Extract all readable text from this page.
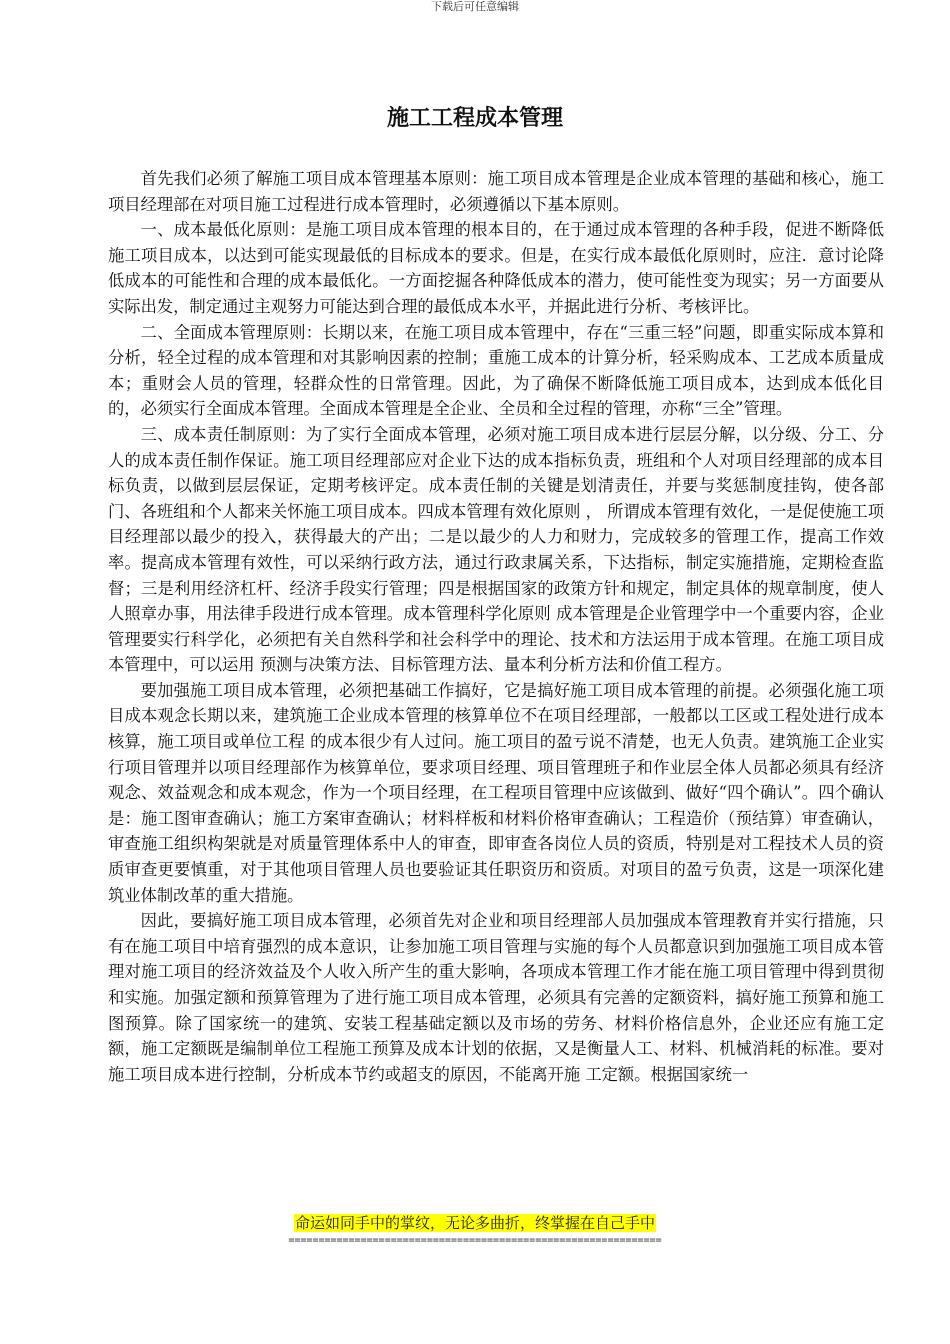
下载后可任意编辑
施工工程成本管理

首先我们必须了解施工项目成本管理基本原则：施工项目成本管理是企业成本管理的基础和核心，施工项目经理部在对项目施工过程进行成本管理时，必须遵循以下基本原则。

一、成本最低化原则：是施工项目成本管理的根本目的，在于通过成本管理的各种手段，促进不断降低施工项目成本，以达到可能实现最低的目标成本的要求。但是，在实行成本最低化原则时，应注．意讨论降低成本的可能性和合理的成本最低化。一方面挖掘各种降低成本的潜力，使可能性变为现实；另一方面要从实际出发，制定通过主观努力可能达到合理的最低成本水平，并据此进行分析、考核评比。

二、全面成本管理原则：长期以来，在施工项目成本管理中，存在“三重三轻”问题，即重实际成本算和分析，轻全过程的成本管理和对其影响因素的控制；重施工成本的计算分析，轻采购成本、工艺成本质量成本；重财会人员的管理，轻群众性的日常管理。因此，为了确保不断降低施工项目成本，达到成本低化目的，必须实行全面成本管理。全面成本管理是全企业、全员和全过程的管理，亦称“三全”管理。

三、成本责任制原则：为了实行全面成本管理，必须对施工项目成本进行层层分解，以分级、分工、分人的成本责任制作保证。施工项目经理部应对企业下达的成本指标负责，班组和个人对项目经理部的成本目标负责，以做到层层保证，定期考核评定。成本责任制的关键是划清责任，并要与奖惩制度挂钩，使各部门、各班组和个人都来关怀施工项目成本。四成本管理有效化原则 ， 所谓成本管理有效化，一是促使施工项目经理部以最少的投入，获得最大的产出；二是以最少的人力和财力，完成较多的管理工作，提高工作效率。提高成本管理有效性，可以采纳行政方法，通过行政隶属关系，下达指标，制定实施措施，定期检查监督；三是利用经济杠杆、经济手段实行管理；四是根据国家的政策方针和规定，制定具体的规章制度，使人人照章办事，用法律手段进行成本管理。成本管理科学化原则 成本管理是企业管理学中一个重要内容，企业管理要实行科学化，必须把有关自然科学和社会科学中的理论、技术和方法运用于成本管理。在施工项目成本管理中，可以运用 预测与决策方法、目标管理方法、量本利分析方法和价值工程方。

要加强施工项目成本管理，必须把基础工作搞好，它是搞好施工项目成本管理的前提。必须强化施工项目成本观念长期以来，建筑施工企业成本管理的核算单位不在项目经理部，一般都以工区或工程处进行成本核算，施工项目或单位工程 的成本很少有人过问。施工项目的盈亏说不清楚，也无人负责。建筑施工企业实行项目管理并以项目经理部作为核算单位，要求项目经理、项目管理班子和作业层全体人员都必须具有经济观念、效益观念和成本观念，作为一个项目经理，在工程项目管理中应该做到、做好“四个确认”。四个确认是：施工图审查确认；施工方案审查确认；材料样板和材料价格审查确认；工程造价（预结算）审查确认，审查施工组织构架就是对质量管理体系中人的审查，即审查各岗位人员的资质，特别是对工程技术人员的资质审查更要慎重，对于其他项目管理人员也要验证其任职资历和资质。对项目的盈亏负责，这是一项深化建筑业体制改革的重大措施。

因此，要搞好施工项目成本管理，必须首先对企业和项目经理部人员加强成本管理教育并实行措施，只有在施工项目中培育强烈的成本意识，让参加施工项目管理与实施的每个人员都意识到加强施工项目成本管理对施工项目的经济效益及个人收入所产生的重大影响，各项成本管理工作才能在施工项目管理中得到贯彻和实施。加强定额和预算管理为了进行施工项目成本管理，必须具有完善的定额资料，搞好施工预算和施工图预算。除了国家统一的建筑、安装工程基础定额以及市场的劳务、材料价格信息外，企业还应有施工定额，施工定额既是编制单位工程施工预算及成本计划的依据，又是衡量人工、材料、机械消耗的标准。要对施工项目成本进行控制，分析成本节约或超支的原因，不能离开施 工定额。根据国家统一

命运如同手中的掌纹，无论多曲折，终掌握在自己手中
==============================================================
